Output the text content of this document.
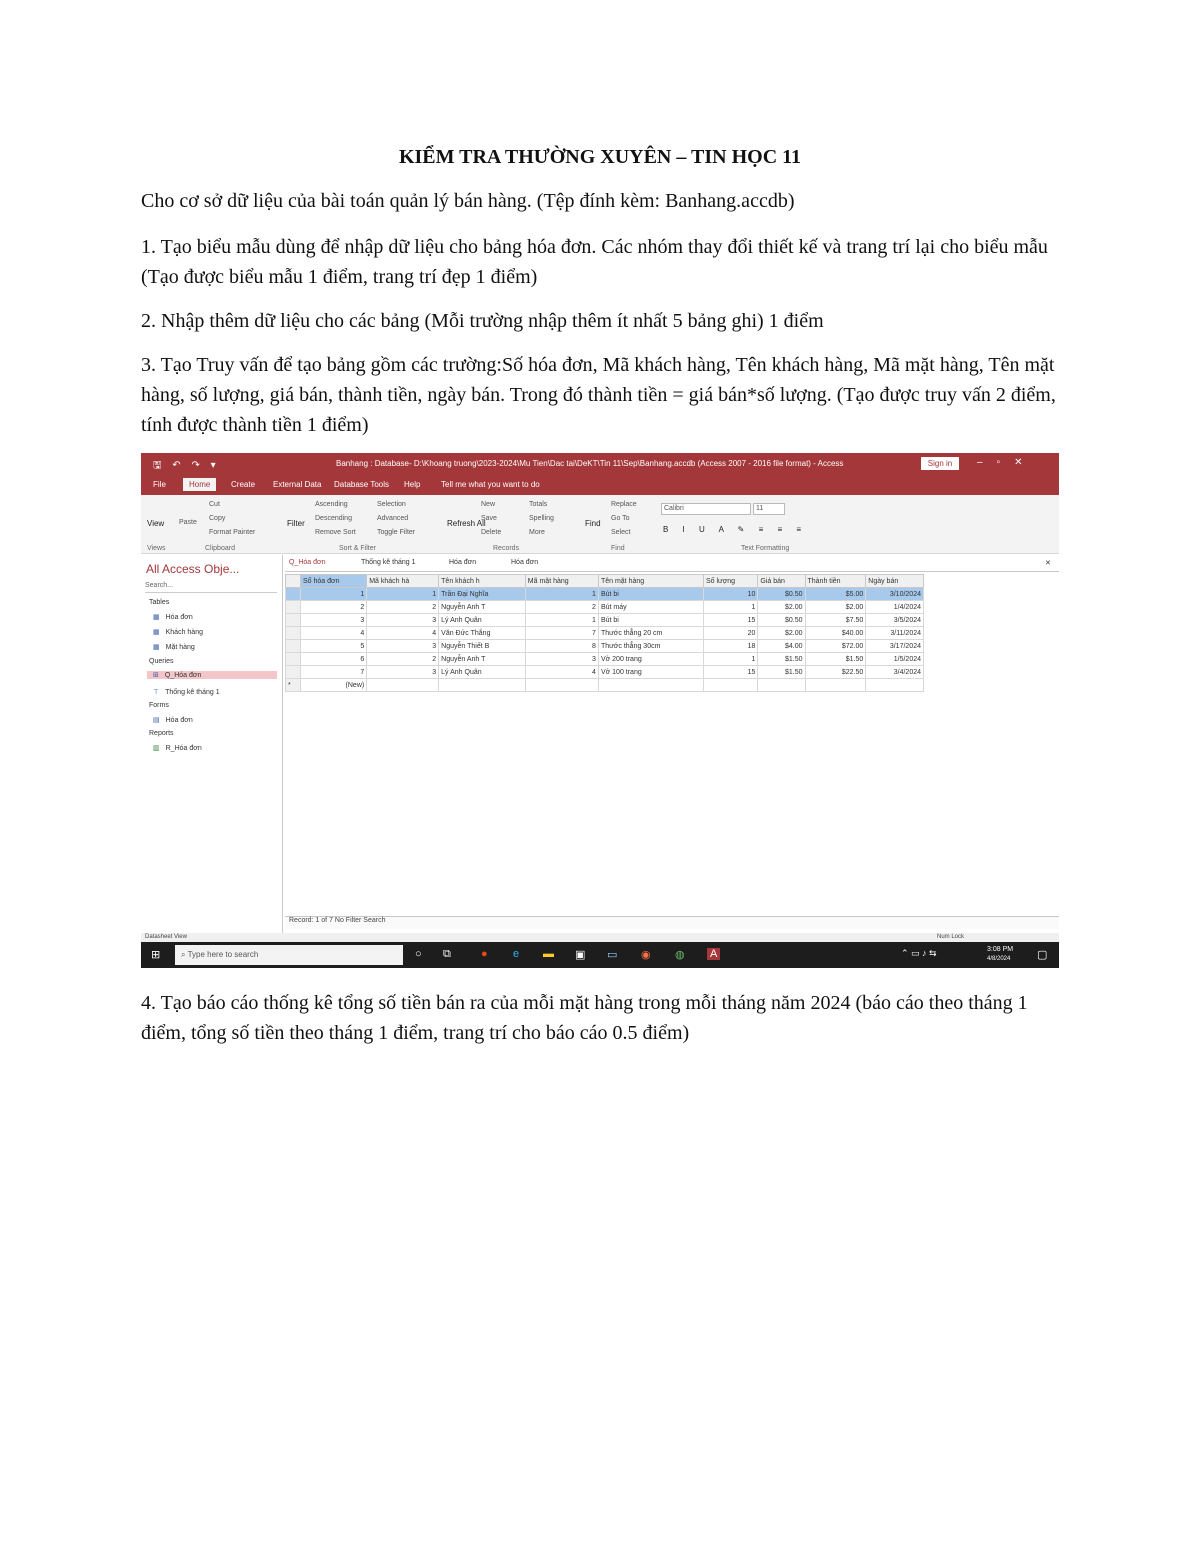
KIỂM TRA THƯỜNG XUYÊN – TIN HỌC 11

Cho cơ sở dữ liệu của bài toán quản lý bán hàng. (Tệp đính kèm: Banhang.accdb)

1. Tạo biểu mẫu dùng để nhập dữ liệu cho bảng hóa đơn. Các nhóm thay đổi thiết kế và trang trí lại cho biểu mẫu (Tạo được biểu mẫu 1 điểm, trang trí đẹp 1 điểm)

2. Nhập thêm dữ liệu cho các bảng (Mỗi trường nhập thêm ít nhất 5 bảng ghi) 1 điểm

3. Tạo Truy vấn để tạo bảng gồm các trường:Số hóa đơn, Mã khách hàng, Tên khách hàng, Mã mặt hàng, Tên mặt hàng, số lượng, giá bán, thành tiền, ngày bán. Trong đó thành tiền = giá bán*số lượng. (Tạo được truy vấn 2 điểm, tính được thành tiền 1 điểm)

🖫 ↶ ↷ ▾	Banhang : Database- D:\Khoang truong\2023-2024\Mu Tien\Dac tai\DeKT\Tin 11\Sep\Banhang.accdb (Access 2007 - 2016 file format) - Access	Sign in	–▫✕
File	Home	Create External Data Database Tools Help	Tell me what you want to do
View Paste
Cut
Copy
Format Painter
Filter
Ascending
Descending
Remove Sort
Selection
Advanced
Toggle Filter
Refresh All
New
Save
Delete
Totals
Spelling
More
Find
Replace
Go To
Select
Calibri	11
B I U A ✎ ≡ ≡ ≡
Views	Clipboard	Sort & Filter	Records	Find	Text Formatting
All Access Obje...
Search...
Tables
▦ Hóa đơn
▦ Khách hàng
▦ Mặt hàng
Queries
⊞ Q_Hóa đơn
⊤ Thống kê tháng 1
Forms
▤ Hóa đơn
Reports
▥ R_Hóa đơn
Q_Hóa đơn	Thống kê tháng 1	Hóa đơn	Hóa đơn	✕
	Số hóa đơn	Mã khách hà	Tên khách h	Mã mặt hàng	Tên mặt hàng	Số lượng	Giá bán	Thành tiền	Ngày bán
	1	1	Trần Đại Nghĩa	1	Bút bi	10	$0.50	$5.00	3/10/2024
	2	2	Nguyễn Anh T	2	Bút máy	1	$2.00	$2.00	1/4/2024
	3	3	Lý Anh Quân	1	Bút bi	15	$0.50	$7.50	3/5/2024
	4	4	Văn Đức Thắng	7	Thước thẳng 20 cm	20	$2.00	$40.00	3/11/2024
	5	3	Nguyễn Thiết B	8	Thước thẳng 30cm	18	$4.00	$72.00	3/17/2024
	6	2	Nguyễn Anh T	3	Vở 200 trang	1	$1.50	$1.50	1/5/2024
	7	3	Lý Anh Quân	4	Vở 100 trang	15	$1.50	$22.50	3/4/2024
*	(New)								
Record: 1 of 7 No Filter Search
Datasheet View	Num Lock
⊞	⌕ Type here to search	○ ⧉	● e ▬ ▣ ▭ ◉ ◍ A	⌃ ▭ ♪ ⇆	3:08 PM
4/8/2024 ▢

4. Tạo báo cáo thống kê tổng số tiền bán ra của mỗi mặt hàng trong mỗi tháng năm 2024 (báo cáo theo tháng 1 điểm, tổng số tiền theo tháng 1 điểm, trang trí cho báo cáo 0.5 điểm)
